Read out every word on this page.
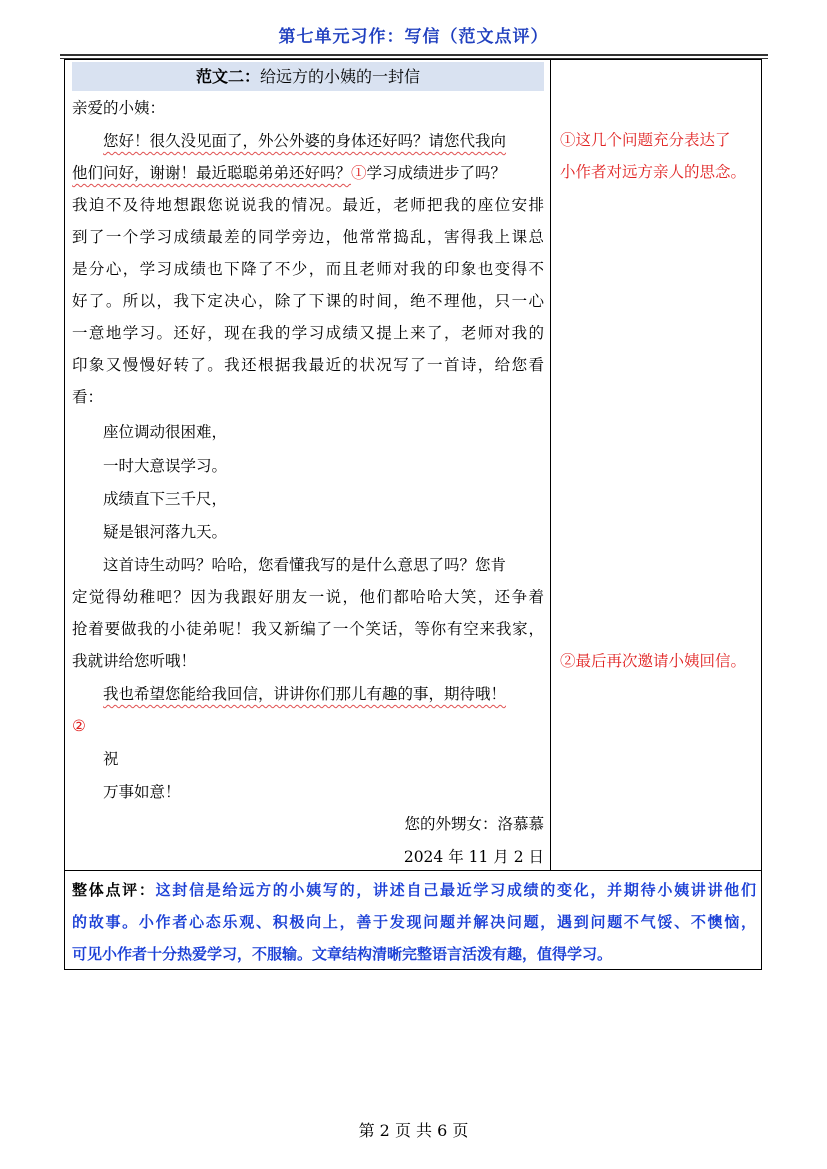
第七单元习作：写信（范文点评）
范文二：给远方的小姨的一封信
亲爱的小姨：
您好！很久没见面了，外公外婆的身体还好吗？请您代我向
他们问好，谢谢！最近聪聪弟弟还好吗？①学习成绩进步了吗？
我迫不及待地想跟您说说我的情况。最近，老师把我的座位安排
到了一个学习成绩最差的同学旁边，他常常捣乱，害得我上课总
是分心，学习成绩也下降了不少，而且老师对我的印象也变得不
好了。所以，我下定决心，除了下课的时间，绝不理他，只一心
一意地学习。还好，现在我的学习成绩又提上来了，老师对我的
印象又慢慢好转了。我还根据我最近的状况写了一首诗，给您看
看：
座位调动很困难，
一时大意误学习。
成绩直下三千尺，
疑是银河落九天。
这首诗生动吗？哈哈，您看懂我写的是什么意思了吗？您肯
定觉得幼稚吧？因为我跟好朋友一说，他们都哈哈大笑，还争着
抢着要做我的小徒弟呢！我又新编了一个笑话，等你有空来我家，
我就讲给您听哦！
我也希望您能给我回信，讲讲你们那儿有趣的事，期待哦！
②
祝
万事如意！
您的外甥女：洛慕慕
2024 年 11 月 2 日
①这几个问题充分表达了
小作者对远方亲人的思念。
②最后再次邀请小姨回信。
整体点评：这封信是给远方的小姨写的，讲述自己最近学习成绩的变化，并期待小姨讲讲他们
的故事。小作者心态乐观、积极向上，善于发现问题并解决问题，遇到问题不气馁、不懊恼，
可见小作者十分热爱学习，不服输。文章结构清晰完整语言活泼有趣，值得学习。
第 2 页 共 6 页
